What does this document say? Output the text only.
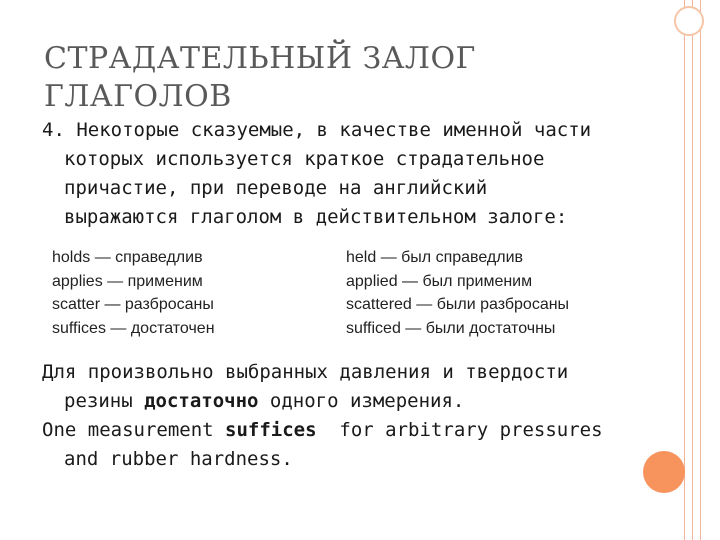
СТРАДАТЕЛЬНЫЙ ЗАЛОГ
ГЛАГОЛОВ
4. Некоторые сказуемые, в качестве именной части
которых используется краткое страдательное
причастие, при переводе на английский
выражаются глаголом в действительном залоге:
holds — справедлив
applies — применим
scatter — разбросаны
suffices — достаточен
held — был справедлив
applied — был применим
scattered — были разбросаны
sufficed — были достаточны
Для произвольно выбранных давления и твердости
резины достаточно одного измерения.
One measurement suffices  for arbitrary pressures
and rubber hardness.
